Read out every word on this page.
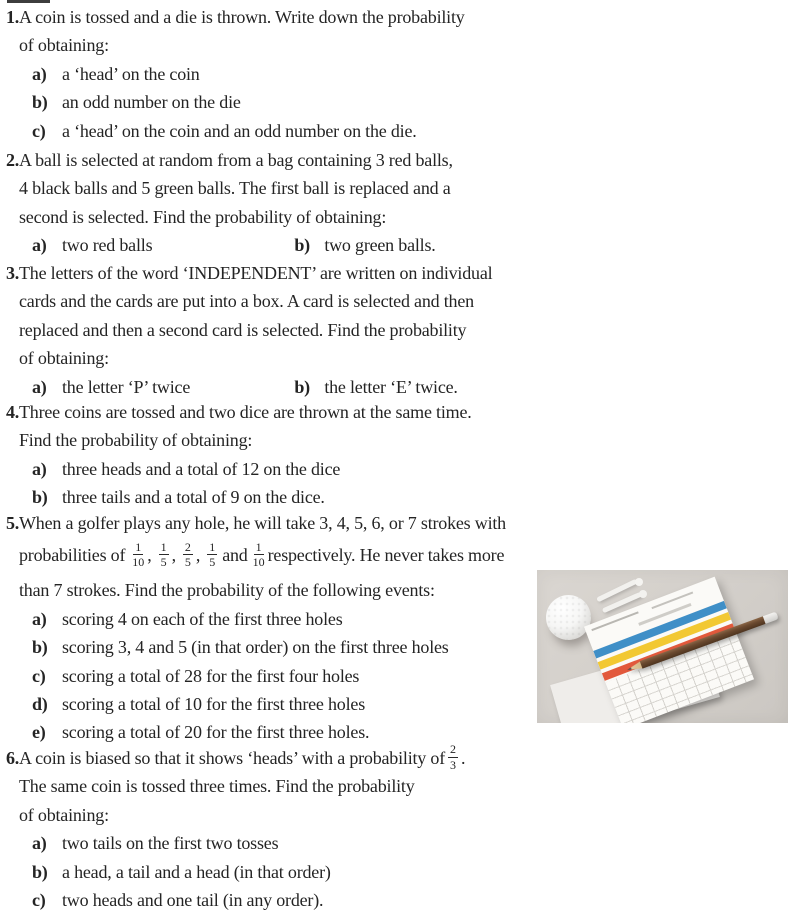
1.A coin is tossed and a die is thrown. Write down the probability
of obtaining:
a) a ‘head’ on the coin
b) an odd number on the die
c) a ‘head’ on the coin and an odd number on the die.
2.A ball is selected at random from a bag containing 3 red balls,
4 black balls and 5 green balls. The first ball is replaced and a
second is selected. Find the probability of obtaining:
a) two red balls	b) two green balls.
3.The letters of the word ‘INDEPENDENT’ are written on individual
cards and the cards are put into a box. A card is selected and then
replaced and then a second card is selected. Find the probability
of obtaining:
a) the letter ‘P’ twice	b) the letter ‘E’ twice.
4.Three coins are tossed and two dice are thrown at the same time.
Find the probability of obtaining:
a) three heads and a total of 12 on the dice
b) three tails and a total of 9 on the dice.
5.When a golfer plays any hole, he will take 3, 4, 5, 6, or 7 strokes with
probabilities of $\frac{1}{10}$ , $\frac{1}{5}$ , $\frac{2}{5}$ , $\frac{1}{5}$ and $\frac{1}{10}$ respectively. He never takes more
than 7 strokes. Find the probability of the following events:
a) scoring 4 on each of the first three holes
b) scoring 3, 4 and 5 (in that order) on the first three holes
c) scoring a total of 28 for the first four holes
d) scoring a total of 10 for the first three holes
e) scoring a total of 20 for the first three holes.
6.A coin is biased so that it shows ‘heads’ with a probability of $\frac{2}{3}$ .
The same coin is tossed three times. Find the probability
of obtaining:
a) two tails on the first two tosses
b) a head, a tail and a head (in that order)
c) two heads and one tail (in any order).
